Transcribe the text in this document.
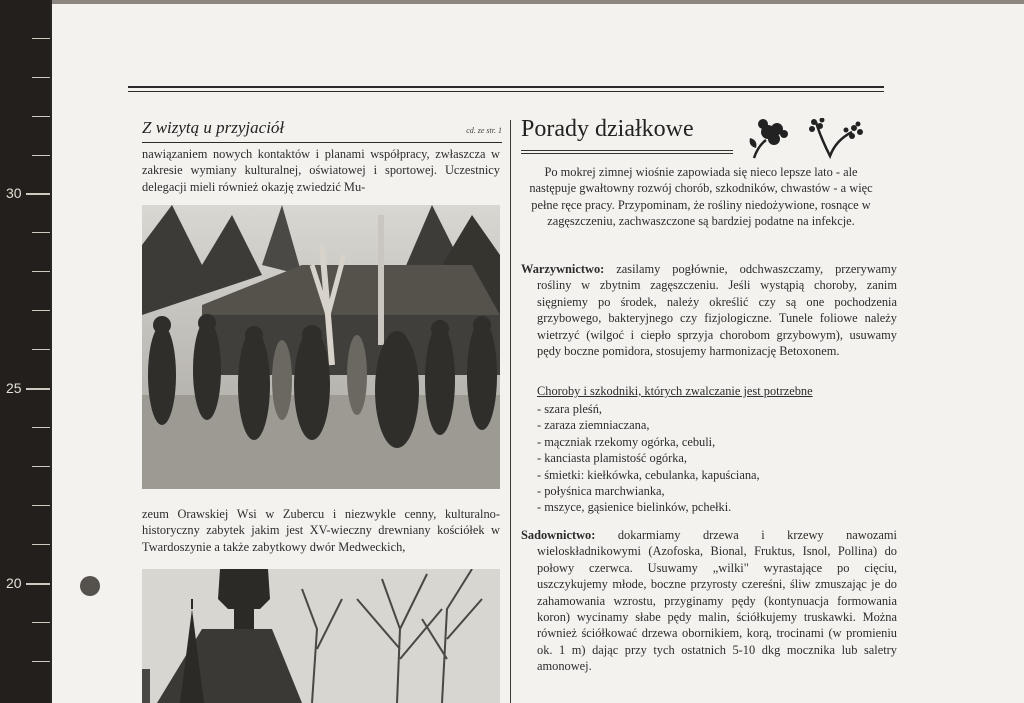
30
25
20
Z wizytą u przyjaciół	cd. ze str. 1
nawiązaniem nowych kontaktów i planami współpracy, zwłaszcza w zakresie wymiany kulturalnej, oświatowej i sportowej. Uczestnicy delegacji mieli również okazję zwiedzić Mu-
zeum Orawskiej Wsi w Zubercu i niezwykle cenny, kulturalno-historyczny zabytek jakim jest XV-wieczny drewniany kościółek w Twardoszynie a także zabytkowy dwór Medweckich,
Porady działkowe
Po mokrej zimnej wiośnie zapowiada się nieco lepsze lato - ale następuje gwałtowny rozwój chorób, szkodników, chwastów - a więc pełne ręce pracy. Przypominam, że rośliny niedożywione, rosnące w zagęszczeniu, zachwaszczone są bardziej podatne na infekcje.
Warzywnictwo: zasilamy pogłównie, odchwaszczamy, przerywamy rośliny w zbytnim zagęszczeniu. Jeśli wystąpią choroby, zanim sięgniemy po środek, należy określić czy są one pochodzenia grzybowego, bakteryjnego czy fizjologiczne. Tunele foliowe należy wietrzyć (wilgoć i ciepło sprzyja chorobom grzybowym), usuwamy pędy boczne pomidora, stosujemy harmonizację Betoxonem.
Choroby i szkodniki, których zwalczanie jest potrzebne
- szara pleśń,
- zaraza ziemniaczana,
- mączniak rzekomy ogórka, cebuli,
- kanciasta plamistość ogórka,
- śmietki: kiełkówka, cebulanka, kapuściana,
- połyśnica marchwianka,
- mszyce, gąsienice bielinków, pchełki.
Sadownictwo: dokarmiamy drzewa i krzewy nawozami wieloskładnikowymi (Azofoska, Bional, Fruktus, Isnol, Pollina) do połowy czerwca. Usuwamy „wilki" wyrastające po cięciu, uszczykujemy młode, boczne przyrosty czereśni, śliw zmuszając je do zahamowania wzrostu, przyginamy pędy (kontynuacja formowania koron) wycinamy słabe pędy malin, ściółkujemy truskawki. Można również ściółkować drzewa obornikiem, korą, trocinami (w promieniu ok. 1 m) dając przy tych ostatnich 5-10 dkg mocznika lub saletry amonowej.
